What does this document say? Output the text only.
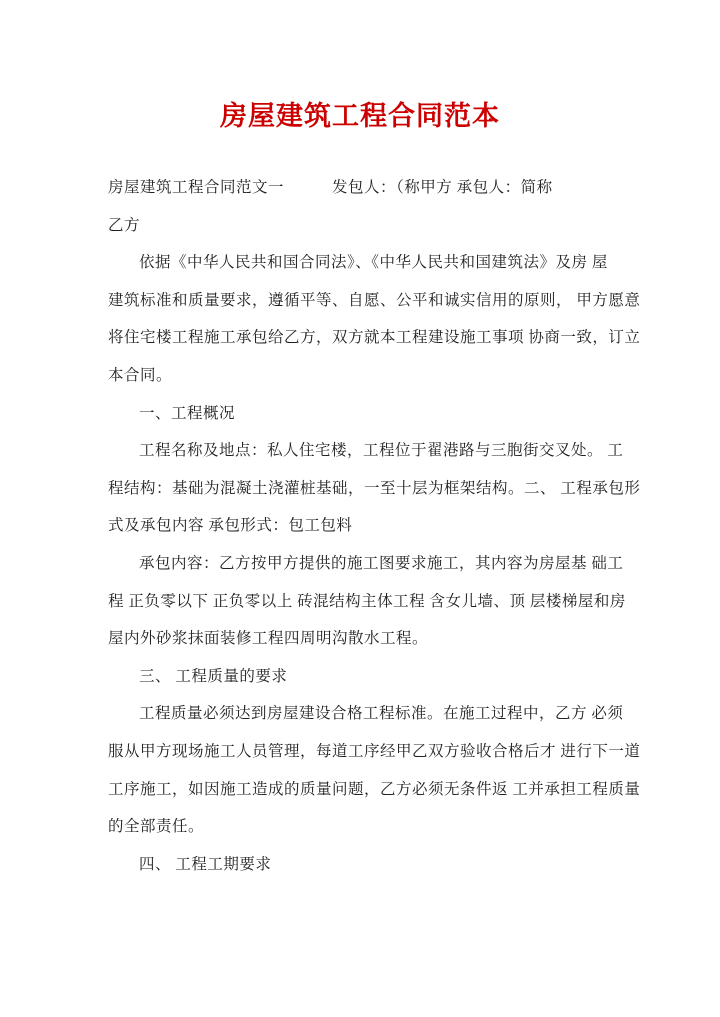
房屋建筑工程合同范本
房屋建筑工程合同范文一　　　发包人：（称甲方 承包人：简称
乙方
依据《中华人民共和国合同法》、《中华人民共和国建筑法》及房 屋
建筑标准和质量要求，遵循平等、自愿、公平和诚实信用的原则， 甲方愿意
将住宅楼工程施工承包给乙方，双方就本工程建设施工事项 协商一致，订立
本合同。
一、工程概况
工程名称及地点：私人住宅楼，工程位于翟港路与三胞街交叉处。 工
程结构：基础为混凝土浇灌桩基础，一至十层为框架结构。二、 工程承包形
式及承包内容 承包形式：包工包料
承包内容：乙方按甲方提供的施工图要求施工，其内容为房屋基 础工
程 正负零以下 正负零以上 砖混结构主体工程 含女儿墙、顶 层楼梯屋和房
屋内外砂浆抹面装修工程四周明沟散水工程。
三、 工程质量的要求
工程质量必须达到房屋建设合格工程标准。在施工过程中，乙方 必须
服从甲方现场施工人员管理，每道工序经甲乙双方验收合格后才 进行下一道
工序施工，如因施工造成的质量问题，乙方必须无条件返 工并承担工程质量
的全部责任。
四、 工程工期要求
